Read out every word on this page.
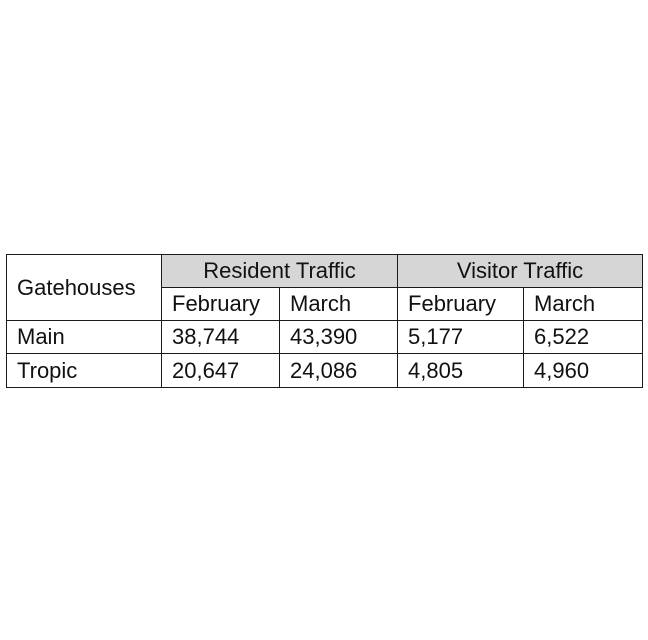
Gatehouses	Resident Traffic		Visitor Traffic	
	February	March	February	March
Main	38,744	43,390	5,177	6,522
Tropic	20,647	24,086	4,805	4,960
